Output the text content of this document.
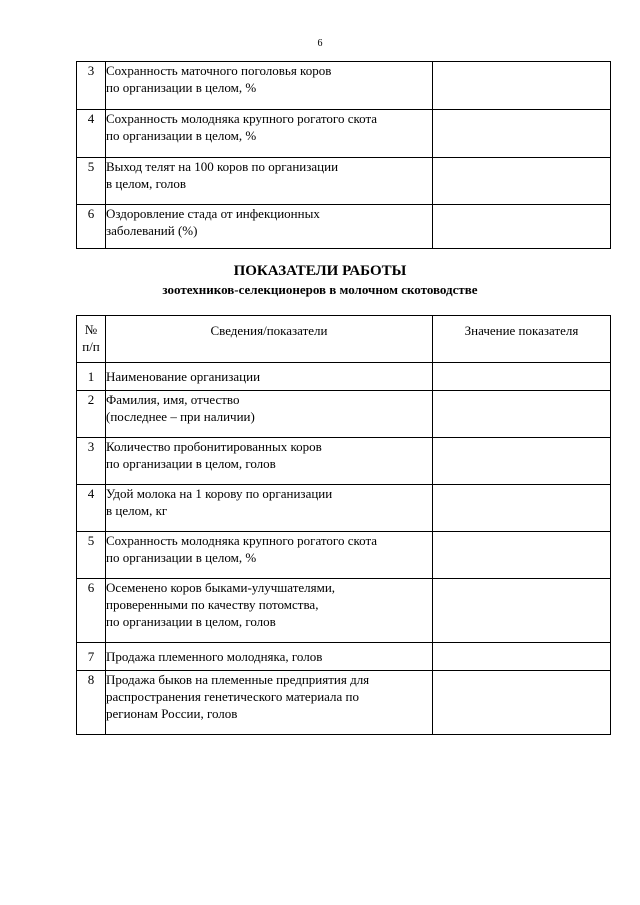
6
3	Сохранность маточного поголовья коров
по организации в целом, %	

4	Сохранность молодняка крупного рогатого скота
по организации в целом, %	

5	Выход телят на 100 коров по организации
в целом, голов	

6	Оздоровление стада от инфекционных
заболеваний (%)	

ПОКАЗАТЕЛИ РАБОТЫ
зоотехников-селекционеров в молочном скотоводстве
№
п/п	Сведения/показатели	Значение показателя
1	Наименование организации	

2	Фамилия, имя, отчество
(последнее – при наличии)	

3	Количество пробонитированных коров
по организации в целом, голов	

4	Удой молока на 1 корову по организации
в целом, кг	

5	Сохранность молодняка крупного рогатого скота
по организации в целом, %	

6	Осеменено коров быками-улучшателями,
проверенными по качеству потомства,
по организации в целом, голов	

7	Продажа племенного молодняка, голов	

8	Продажа быков на племенные предприятия для
распространения генетического материала по
регионам России, голов	
